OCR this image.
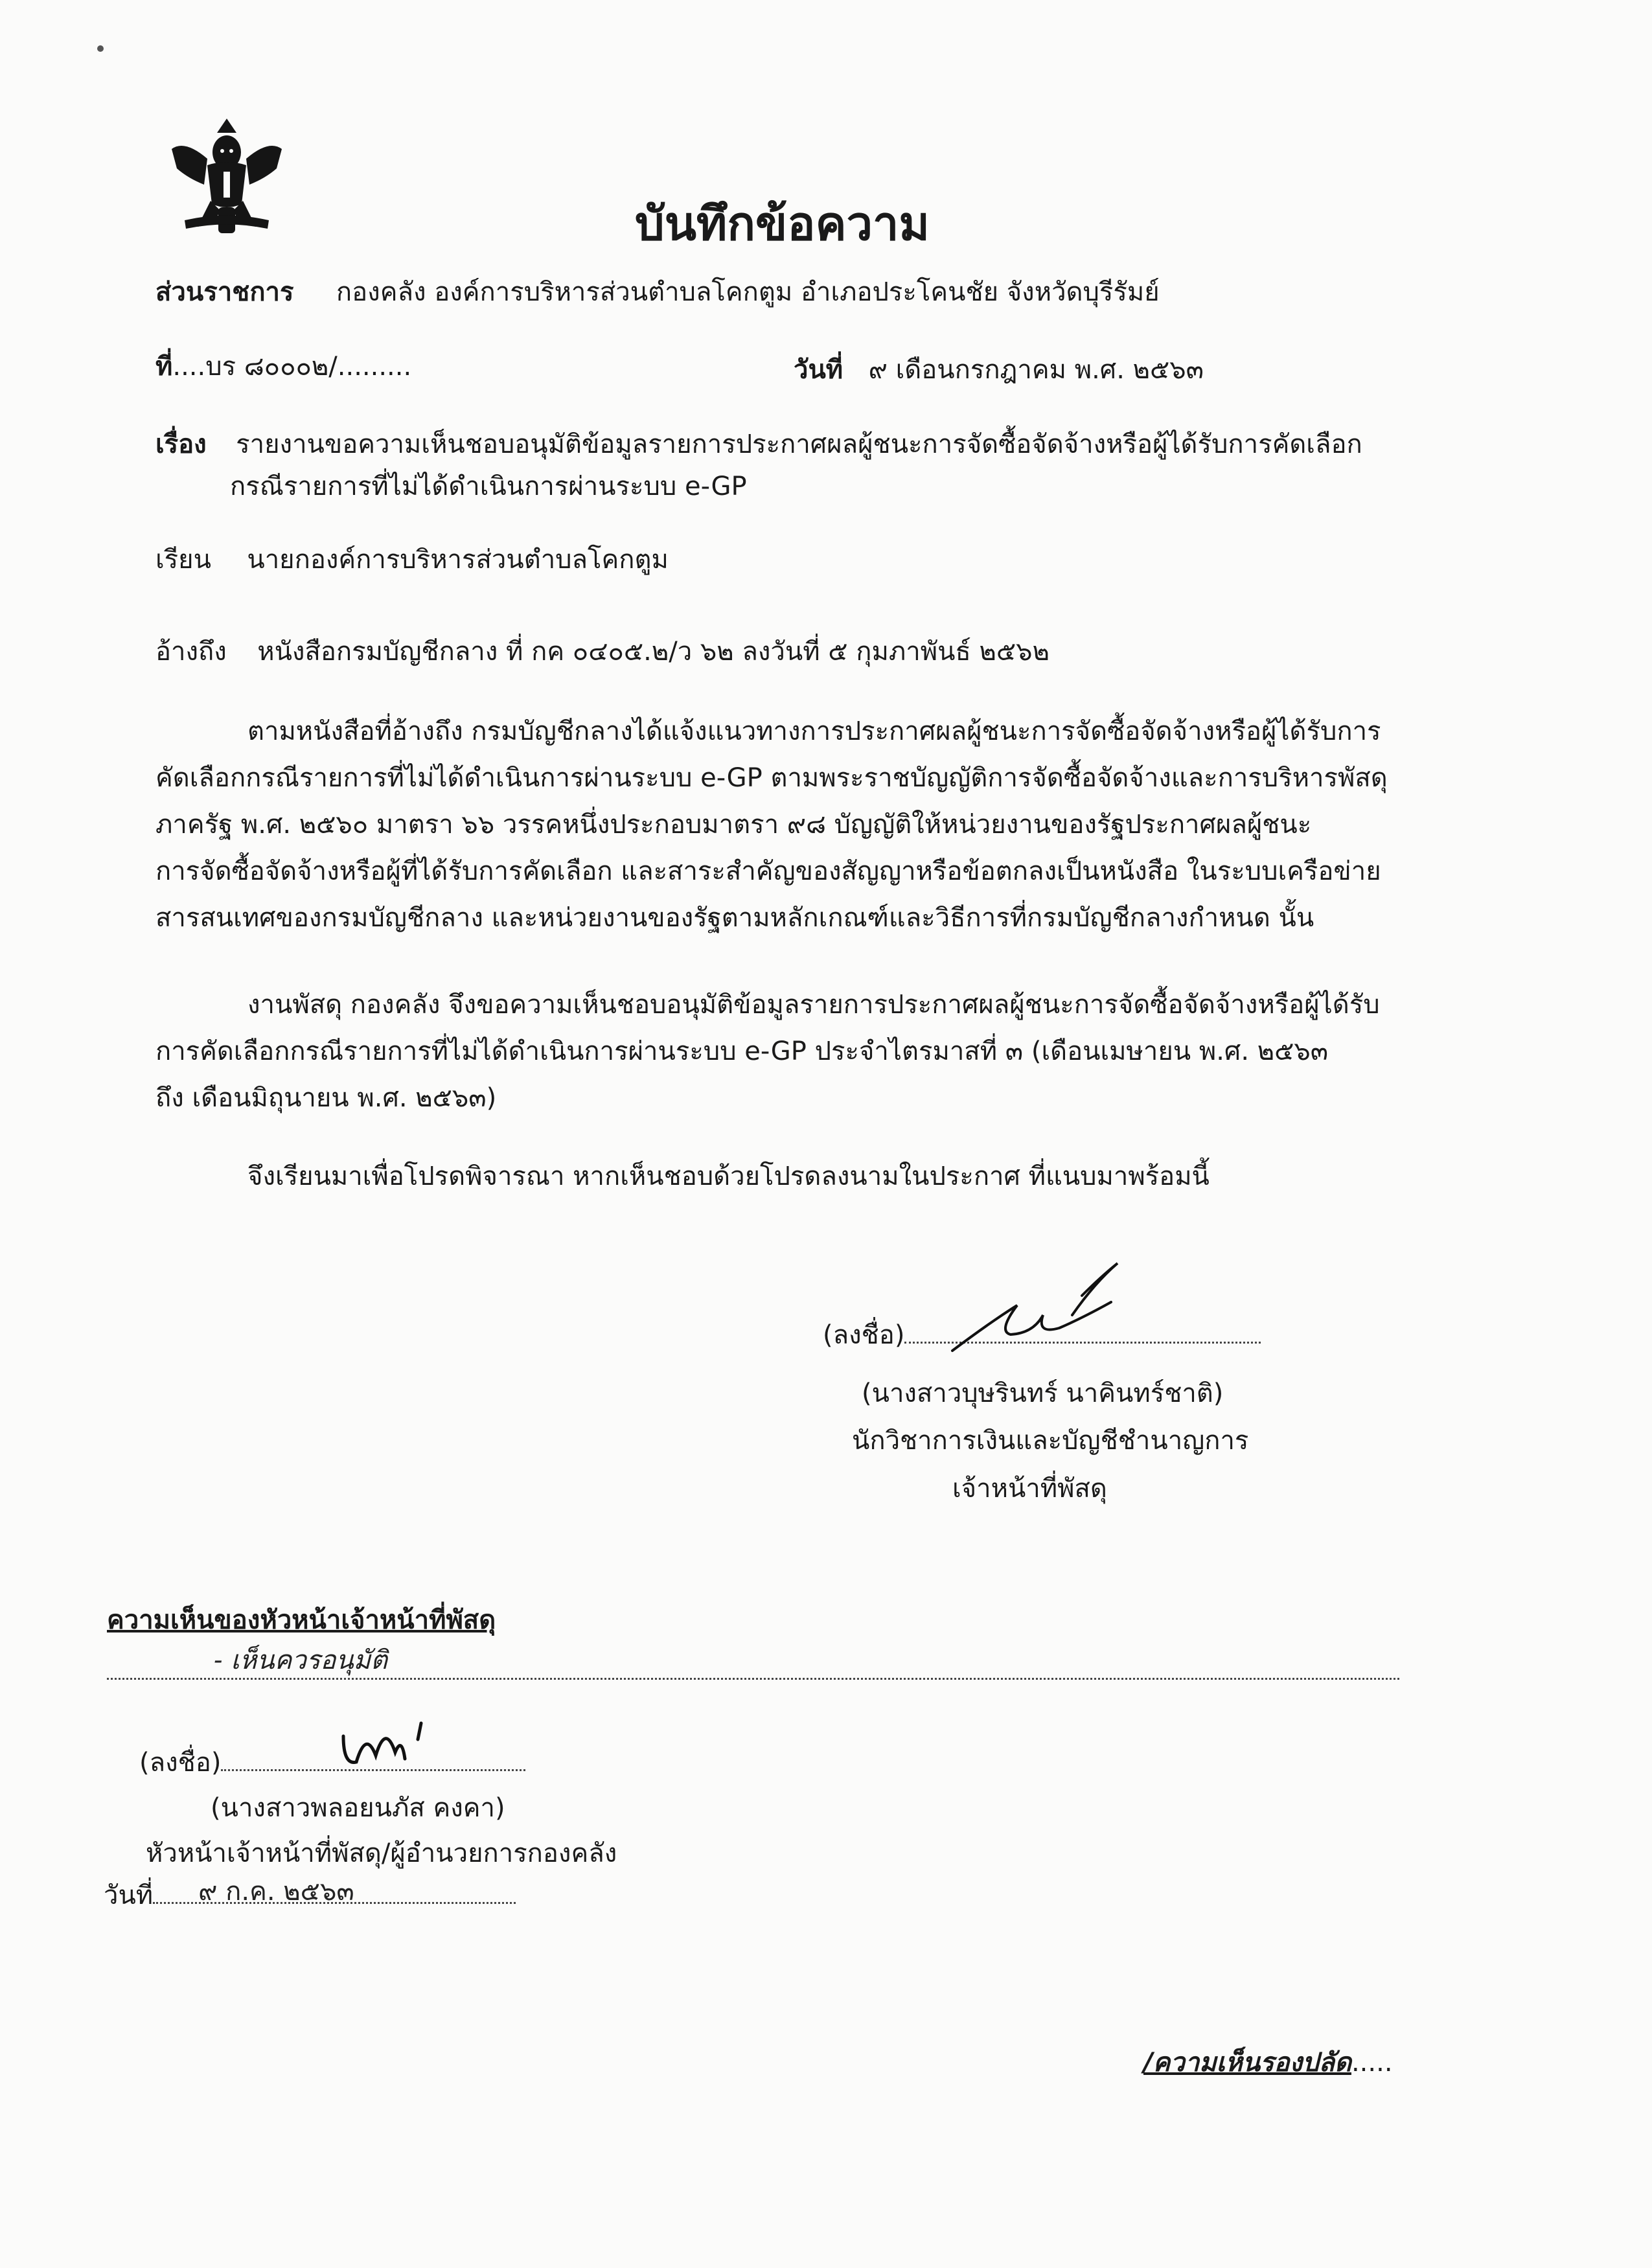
บันทึกข้อความ
ส่วนราชการ กองคลัง องค์การบริหารส่วนตำบลโคกตูม อำเภอประโคนชัย จังหวัดบุรีรัมย์
ที่....บร ๘๐๐๐๒/.........	วันที่ ๙ เดือนกรกฎาคม พ.ศ. ๒๕๖๓
เรื่อง รายงานขอความเห็นชอบอนุมัติข้อมูลรายการประกาศผลผู้ชนะการจัดซื้อจัดจ้างหรือผู้ได้รับการคัดเลือก
กรณีรายการที่ไม่ได้ดำเนินการผ่านระบบ e-GP
เรียน นายกองค์การบริหารส่วนตำบลโคกตูม
อ้างถึง หนังสือกรมบัญชีกลาง ที่ กค ๐๔๐๕.๒/ว ๖๒ ลงวันที่ ๕ กุมภาพันธ์ ๒๕๖๒
ตามหนังสือที่อ้างถึง กรมบัญชีกลางได้แจ้งแนวทางการประกาศผลผู้ชนะการจัดซื้อจัดจ้างหรือผู้ได้รับการ
คัดเลือกกรณีรายการที่ไม่ได้ดำเนินการผ่านระบบ e-GP ตามพระราชบัญญัติการจัดซื้อจัดจ้างและการบริหารพัสดุ
ภาครัฐ พ.ศ. ๒๕๖๐ มาตรา ๖๖ วรรคหนึ่งประกอบมาตรา ๙๘ บัญญัติให้หน่วยงานของรัฐประกาศผลผู้ชนะ
การจัดซื้อจัดจ้างหรือผู้ที่ได้รับการคัดเลือก และสาระสำคัญของสัญญาหรือข้อตกลงเป็นหนังสือ ในระบบเครือข่าย
สารสนเทศของกรมบัญชีกลาง และหน่วยงานของรัฐตามหลักเกณฑ์และวิธีการที่กรมบัญชีกลางกำหนด นั้น
งานพัสดุ กองคลัง จึงขอความเห็นชอบอนุมัติข้อมูลรายการประกาศผลผู้ชนะการจัดซื้อจัดจ้างหรือผู้ได้รับ
การคัดเลือกกรณีรายการที่ไม่ได้ดำเนินการผ่านระบบ e-GP ประจำไตรมาสที่ ๓ (เดือนเมษายน พ.ศ. ๒๕๖๓
ถึง เดือนมิถุนายน พ.ศ. ๒๕๖๓)
จึงเรียนมาเพื่อโปรดพิจารณา หากเห็นชอบด้วยโปรดลงนามในประกาศ ที่แนบมาพร้อมนี้
(ลงชื่อ)
(นางสาวบุษรินทร์ นาคินทร์ชาติ)
นักวิชาการเงินและบัญชีชำนาญการ
เจ้าหน้าที่พัสดุ
ความเห็นของหัวหน้าเจ้าหน้าที่พัสดุ
- เห็นควรอนุมัติ
(ลงชื่อ)
(นางสาวพลอยนภัส คงคา)
หัวหน้าเจ้าหน้าที่พัสดุ/ผู้อำนวยการกองคลัง
วันที่ ๙ ก.ค. ๒๕๖๓
/ความเห็นรองปลัด.....
